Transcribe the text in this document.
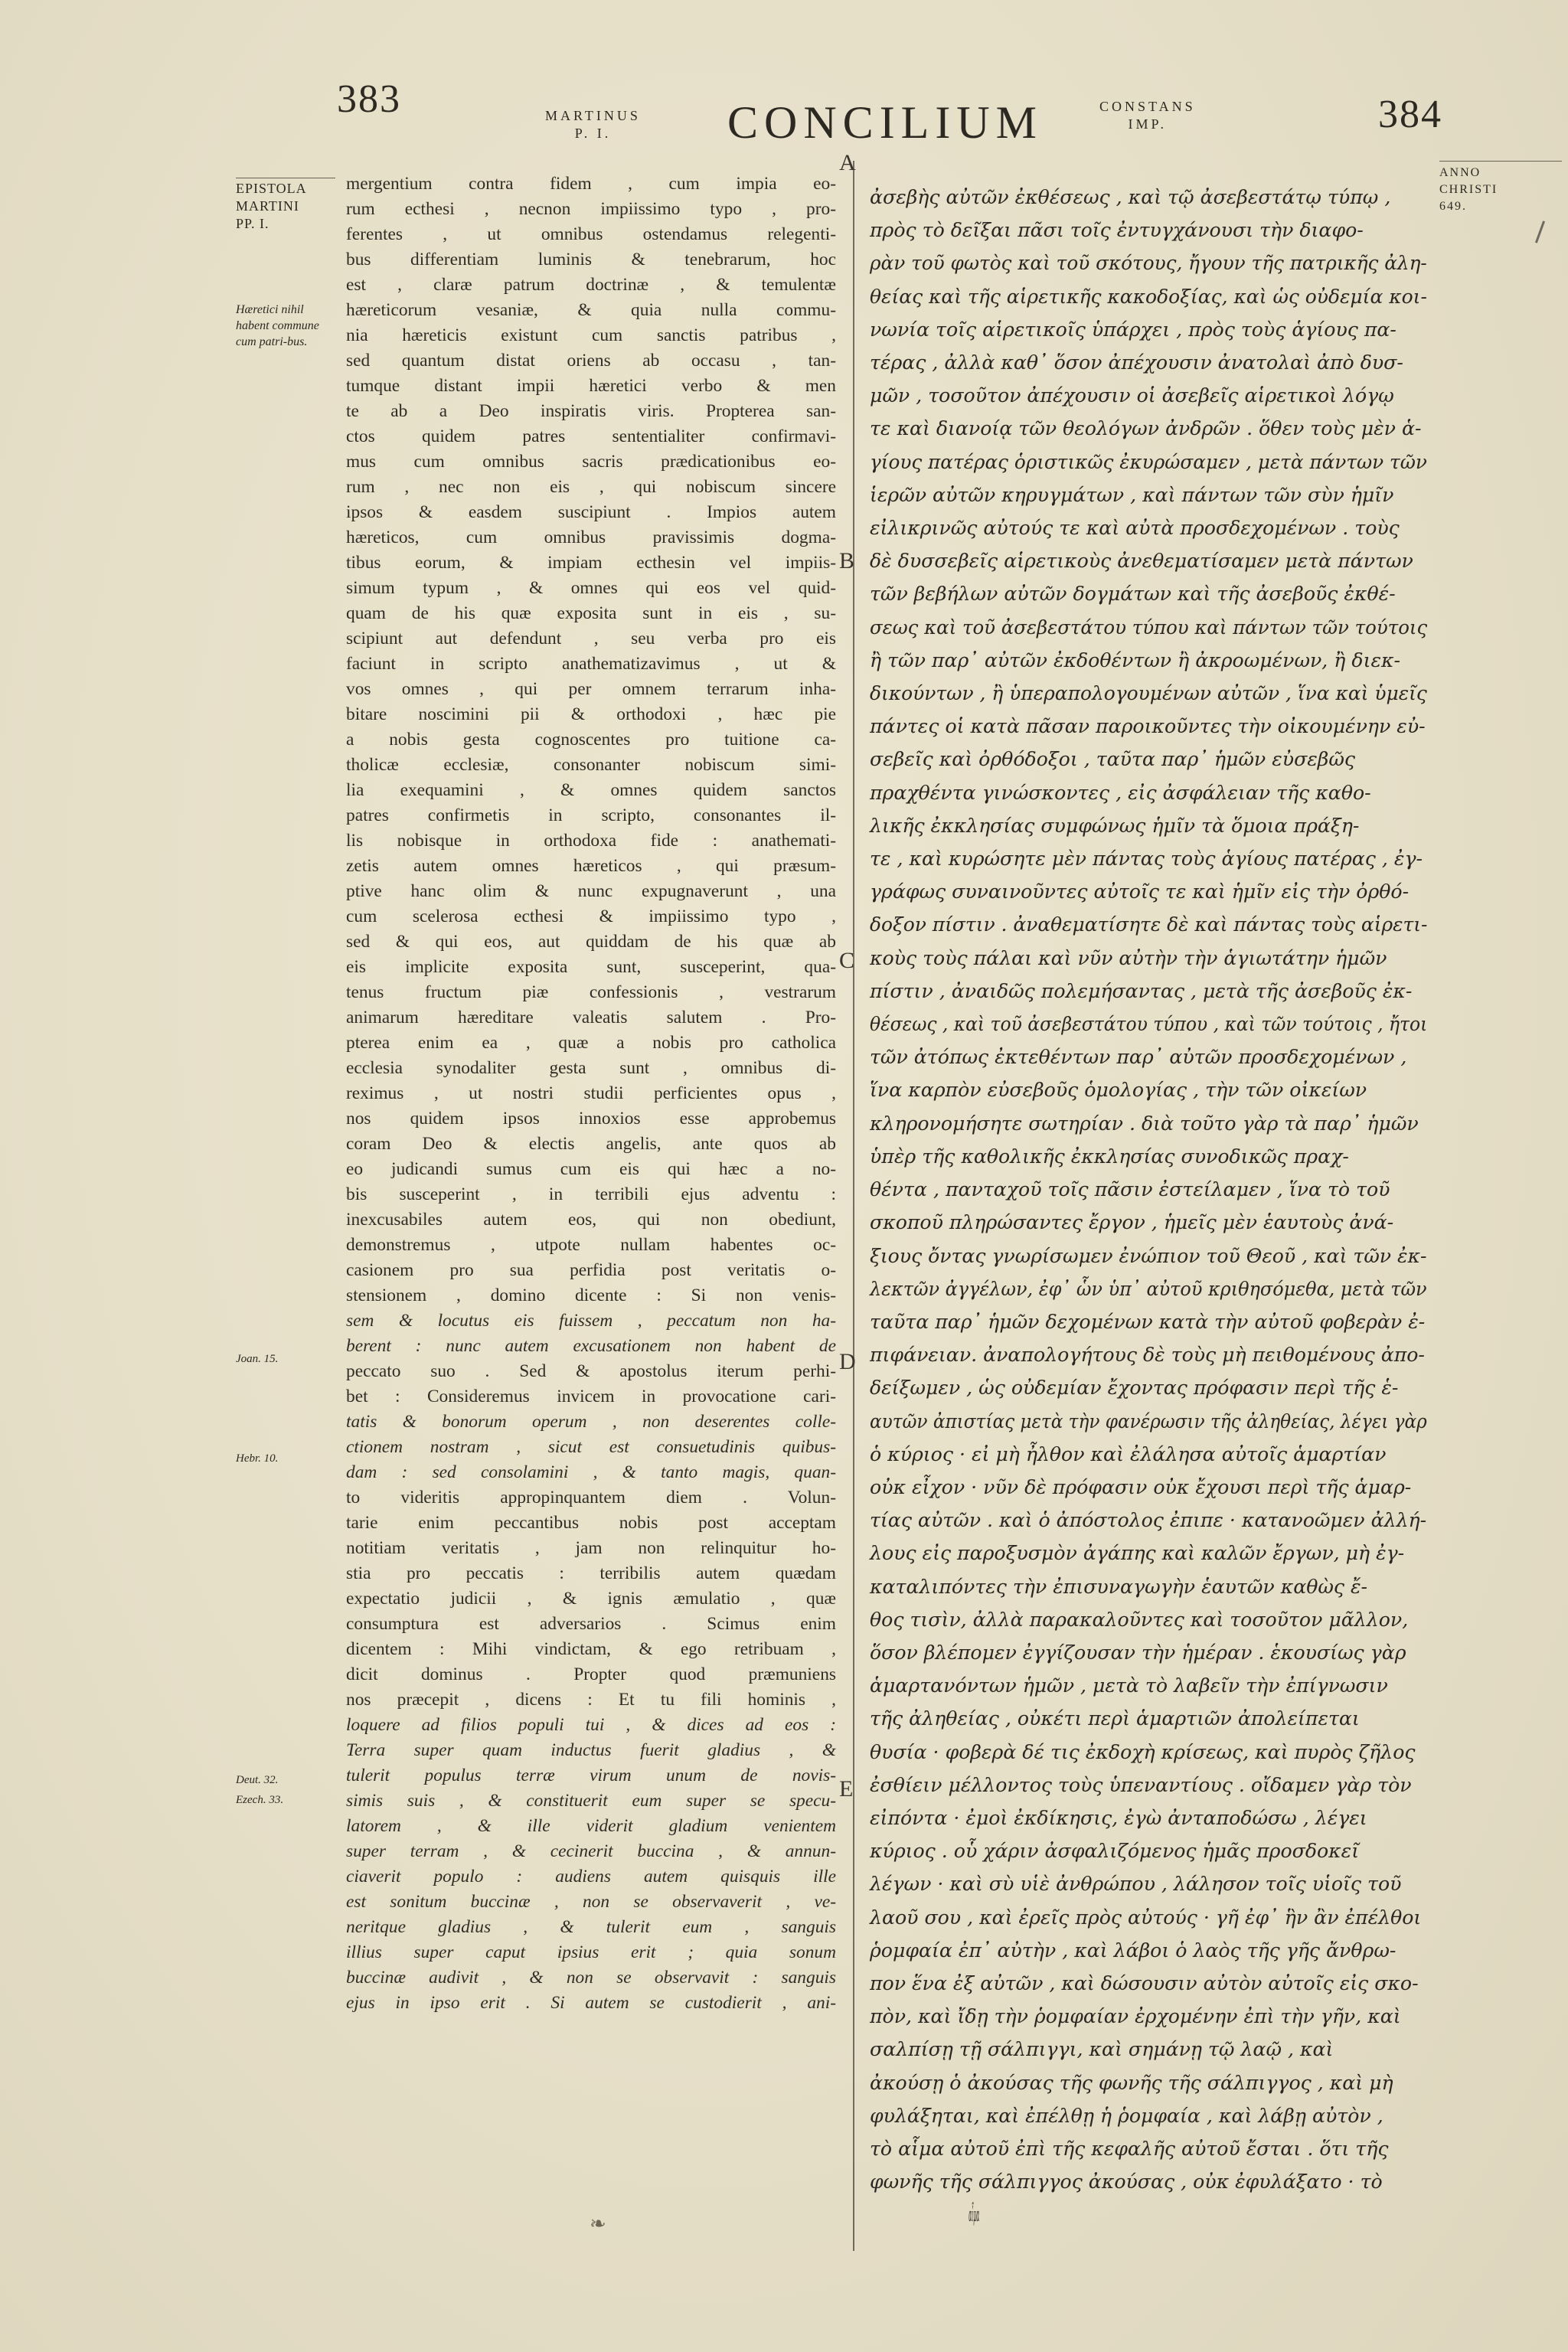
383	MARTINUS
P. I.	CONCILIUM	CONSTANS
IMP.	384
EPISTOLA
MARTINI
PP. I.
Hæretici nihil habent commune cum patri-bus.
Joan. 15.
Hebr. 10.
Deut. 32.
Ezech. 33.
ANNO
CHRISTI
649.
mergentium contra fidem , cum impia eo-
rum ecthesi , necnon impiissimo typo , pro-
ferentes , ut omnibus ostendamus relegenti-
bus differentiam luminis & tenebrarum, hoc
est , claræ patrum doctrinæ , & temulentæ
hæreticorum vesaniæ, & quia nulla commu-
nia hæreticis existunt cum sanctis patribus ,
sed quantum distat oriens ab occasu , tan-
tumque distant impii hæretici verbo & men
te ab a Deo inspiratis viris. Propterea san-
ctos quidem patres sententialiter confirmavi-
mus cum omnibus sacris prædicationibus eo-
rum , nec non eis , qui nobiscum sincere
ipsos & easdem suscipiunt . Impios autem
hæreticos, cum omnibus pravissimis dogma-
tibus eorum, & impiam ecthesin vel impiis-
simum typum , & omnes qui eos vel quid-
quam de his quæ exposita sunt in eis , su-
scipiunt aut defendunt , seu verba pro eis
faciunt in scripto anathematizavimus , ut &
vos omnes , qui per omnem terrarum inha-
bitare noscimini pii & orthodoxi , hæc pie
a nobis gesta cognoscentes pro tuitione ca-
tholicæ ecclesiæ, consonanter nobiscum simi-
lia exequamini , & omnes quidem sanctos
patres confirmetis in scripto, consonantes il-
lis nobisque in orthodoxa fide : anathemati-
zetis autem omnes hæreticos , qui præsum-
ptive hanc olim & nunc expugnaverunt , una
cum scelerosa ecthesi & impiissimo typo ,
sed & qui eos, aut quiddam de his quæ ab
eis implicite exposita sunt, susceperint, qua-
tenus fructum piæ confessionis , vestrarum
animarum hæreditare valeatis salutem . Pro-
pterea enim ea , quæ a nobis pro catholica
ecclesia synodaliter gesta sunt , omnibus di-
reximus , ut nostri studii perficientes opus ,
nos quidem ipsos innoxios esse approbemus
coram Deo & electis angelis, ante quos ab
eo judicandi sumus cum eis qui hæc a no-
bis susceperint , in terribili ejus adventu :
inexcusabiles autem eos, qui non obediunt,
demonstremus , utpote nullam habentes oc-
casionem pro sua perfidia post veritatis o-
stensionem , domino dicente : Si non venis-
sem & locutus eis fuissem , peccatum non ha-
berent : nunc autem excusationem non habent de
peccato suo . Sed & apostolus iterum perhi-
bet : Consideremus invicem in provocatione cari-
tatis & bonorum operum , non deserentes colle-
ctionem nostram , sicut est consuetudinis quibus-
dam : sed consolamini , & tanto magis, quan-
to videritis appropinquantem diem . Volun-
tarie enim peccantibus nobis post acceptam
notitiam veritatis , jam non relinquitur ho-
stia pro peccatis : terribilis autem quædam
expectatio judicii , & ignis æmulatio , quæ
consumptura est adversarios . Scimus enim
dicentem : Mihi vindictam, & ego retribuam ,
dicit dominus . Propter quod præmuniens
nos præcepit , dicens : Et tu fili hominis ,
loquere ad filios populi tui , & dices ad eos :
Terra super quam inductus fuerit gladius , &
tulerit populus terræ virum unum de novis-
simis suis , & constituerit eum super se specu-
latorem , & ille viderit gladium venientem
super terram , & cecinerit buccina , & annun-
ciaverit populo : audiens autem quisquis ille
est sonitum buccinæ , non se observaverit , ve-
neritque gladius , & tulerit eum , sanguis
illius super caput ipsius erit ; quia sonum
buccinæ audivit , & non se observavit : sanguis
ejus in ipso erit . Si autem se custodierit , ani-
A
B
C
D
E
ἀσεβὴς αὐτῶν ἐκθέσεως , καὶ τῷ ἀσεβεστάτῳ τύπῳ ,
πρὸς τὸ δεῖξαι πᾶσι τοῖς ἐντυγχάνουσι τὴν διαφο-
ρὰν τοῦ φωτὸς καὶ τοῦ σκότους, ἤγουν τῆς πατρικῆς ἀλη-
θείας καὶ τῆς αἱρετικῆς κακοδοξίας, καὶ ὡς οὐδεμία κοι-
νωνία τοῖς αἱρετικοῖς ὑπάρχει , πρὸς τοὺς ἁγίους πα-
τέρας , ἀλλὰ καθ᾽ ὅσον ἀπέχουσιν ἀνατολαὶ ἀπὸ δυσ-
μῶν , τοσοῦτον ἀπέχουσιν οἱ ἀσεβεῖς αἱρετικοὶ λόγῳ
τε καὶ διανοίᾳ τῶν θεολόγων ἀνδρῶν . ὅθεν τοὺς μὲν ἁ-
γίους πατέρας ὁριστικῶς ἐκυρώσαμεν , μετὰ πάντων τῶν
ἱερῶν αὐτῶν κηρυγμάτων , καὶ πάντων τῶν σὺν ἡμῖν
εἰλικρινῶς αὐτούς τε καὶ αὐτὰ προσδεχομένων . τοὺς
δὲ δυσσεβεῖς αἱρετικοὺς ἀνεθεματίσαμεν μετὰ πάντων
τῶν βεβήλων αὐτῶν δογμάτων καὶ τῆς ἀσεβοῦς ἐκθέ-
σεως καὶ τοῦ ἀσεβεστάτου τύπου καὶ πάντων τῶν τούτοις
ἢ τῶν παρ᾽ αὐτῶν ἐκδοθέντων ἢ ἀκροωμένων, ἢ διεκ-
δικούντων , ἢ ὑπεραπολογουμένων αὐτῶν , ἵνα καὶ ὑμεῖς
πάντες οἱ κατὰ πᾶσαν παροικοῦντες τὴν οἰκουμένην εὐ-
σεβεῖς καὶ ὀρθόδοξοι , ταῦτα παρ᾽ ἡμῶν εὐσεβῶς
πραχθέντα γινώσκοντες , εἰς ἀσφάλειαν τῆς καθο-
λικῆς ἐκκλησίας συμφώνως ἡμῖν τὰ ὅμοια πράξη-
τε , καὶ κυρώσητε μὲν πάντας τοὺς ἁγίους πατέρας , ἐγ-
γράφως συναινοῦντες αὐτοῖς τε καὶ ἡμῖν εἰς τὴν ὀρθό-
δοξον πίστιν . ἀναθεματίσητε δὲ καὶ πάντας τοὺς αἱρετι-
κοὺς τοὺς πάλαι καὶ νῦν αὐτὴν τὴν ἁγιωτάτην ἡμῶν
πίστιν , ἀναιδῶς πολεμήσαντας , μετὰ τῆς ἀσεβοῦς ἐκ-
θέσεως , καὶ τοῦ ἀσεβεστάτου τύπου , καὶ τῶν τούτοις , ἤτοι
τῶν ἀτόπως ἐκτεθέντων παρ᾽ αὐτῶν προσδεχομένων ,
ἵνα καρπὸν εὐσεβοῦς ὁμολογίας , τὴν τῶν οἰκείων
κληρονομήσητε σωτηρίαν . διὰ τοῦτο γὰρ τὰ παρ᾽ ἡμῶν
ὑπὲρ τῆς καθολικῆς ἐκκλησίας συνοδικῶς πραχ-
θέντα , πανταχοῦ τοῖς πᾶσιν ἐστείλαμεν , ἵνα τὸ τοῦ
σκοποῦ πληρώσαντες ἔργον , ἡμεῖς μὲν ἑαυτοὺς ἀνά-
ξιους ὄντας γνωρίσωμεν ἐνώπιον τοῦ Θεοῦ , καὶ τῶν ἐκ-
λεκτῶν ἀγγέλων, ἐφ᾽ ὧν ὑπ᾽ αὐτοῦ κριθησόμεθα, μετὰ τῶν
ταῦτα παρ᾽ ἡμῶν δεχομένων κατὰ τὴν αὐτοῦ φοβερὰν ἐ-
πιφάνειαν. ἀναπολογήτους δὲ τοὺς μὴ πειθομένους ἀπο-
δείξωμεν , ὡς οὐδεμίαν ἔχοντας πρόφασιν περὶ τῆς ἑ-
αυτῶν ἀπιστίας μετὰ τὴν φανέρωσιν τῆς ἀληθείας, λέγει γὰρ
ὁ κύριος · εἰ μὴ ἦλθον καὶ ἐλάλησα αὐτοῖς ἁμαρτίαν
οὐκ εἶχον · νῦν δὲ πρόφασιν οὐκ ἔχουσι περὶ τῆς ἁμαρ-
τίας αὐτῶν . καὶ ὁ ἀπόστολος ἐπιπε · κατανοῶμεν ἀλλή-
λους εἰς παροξυσμὸν ἀγάπης καὶ καλῶν ἔργων, μὴ ἐγ-
καταλιπόντες τὴν ἐπισυναγωγὴν ἑαυτῶν καθὼς ἔ-
θος τισὶν, ἀλλὰ παρακαλοῦντες καὶ τοσοῦτον μᾶλλον,
ὅσον βλέπομεν ἐγγίζουσαν τὴν ἡμέραν . ἑκουσίως γὰρ
ἁμαρτανόντων ἡμῶν , μετὰ τὸ λαβεῖν τὴν ἐπίγνωσιν
τῆς ἀληθείας , οὐκέτι περὶ ἁμαρτιῶν ἀπολείπεται
θυσία · φοβερὰ δέ τις ἐκδοχὴ κρίσεως, καὶ πυρὸς ζῆλος
ἐσθίειν μέλλοντος τοὺς ὑπεναντίους . οἴδαμεν γὰρ τὸν
εἰπόντα · ἐμοὶ ἐκδίκησις, ἐγὼ ἀνταποδώσω , λέγει
κύριος . οὗ χάριν ἀσφαλιζόμενος ἡμᾶς προσδοκεῖ
λέγων · καὶ σὺ υἱὲ ἀνθρώπου , λάλησον τοῖς υἱοῖς τοῦ
λαοῦ σου , καὶ ἐρεῖς πρὸς αὐτούς · γῆ ἐφ᾽ ἣν ἂν ἐπέλθοι
ῥομφαία ἐπ᾽ αὐτὴν , καὶ λάβοι ὁ λαὸς τῆς γῆς ἄνθρω-
πον ἕνα ἐξ αὐτῶν , καὶ δώσουσιν αὐτὸν αὐτοῖς εἰς σκο-
πὸν, καὶ ἴδῃ τὴν ῥομφαίαν ἐρχομένην ἐπὶ τὴν γῆν, καὶ
σαλπίσῃ τῇ σάλπιγγι, καὶ σημάνῃ τῷ λαῷ , καὶ
ἀκούσῃ ὁ ἀκούσας τῆς φωνῆς τῆς σάλπιγγος , καὶ μὴ
φυλάξηται, καὶ ἐπέλθῃ ἡ ῥομφαία , καὶ λάβῃ αὐτὸν ,
τὸ αἷμα αὐτοῦ ἐπὶ τῆς κεφαλῆς αὐτοῦ ἔσται . ὅτι τῆς
φωνῆς τῆς σάλπιγγος ἀκούσας , οὐκ ἐφυλάξατο · τὸ
αἷμα
❧
